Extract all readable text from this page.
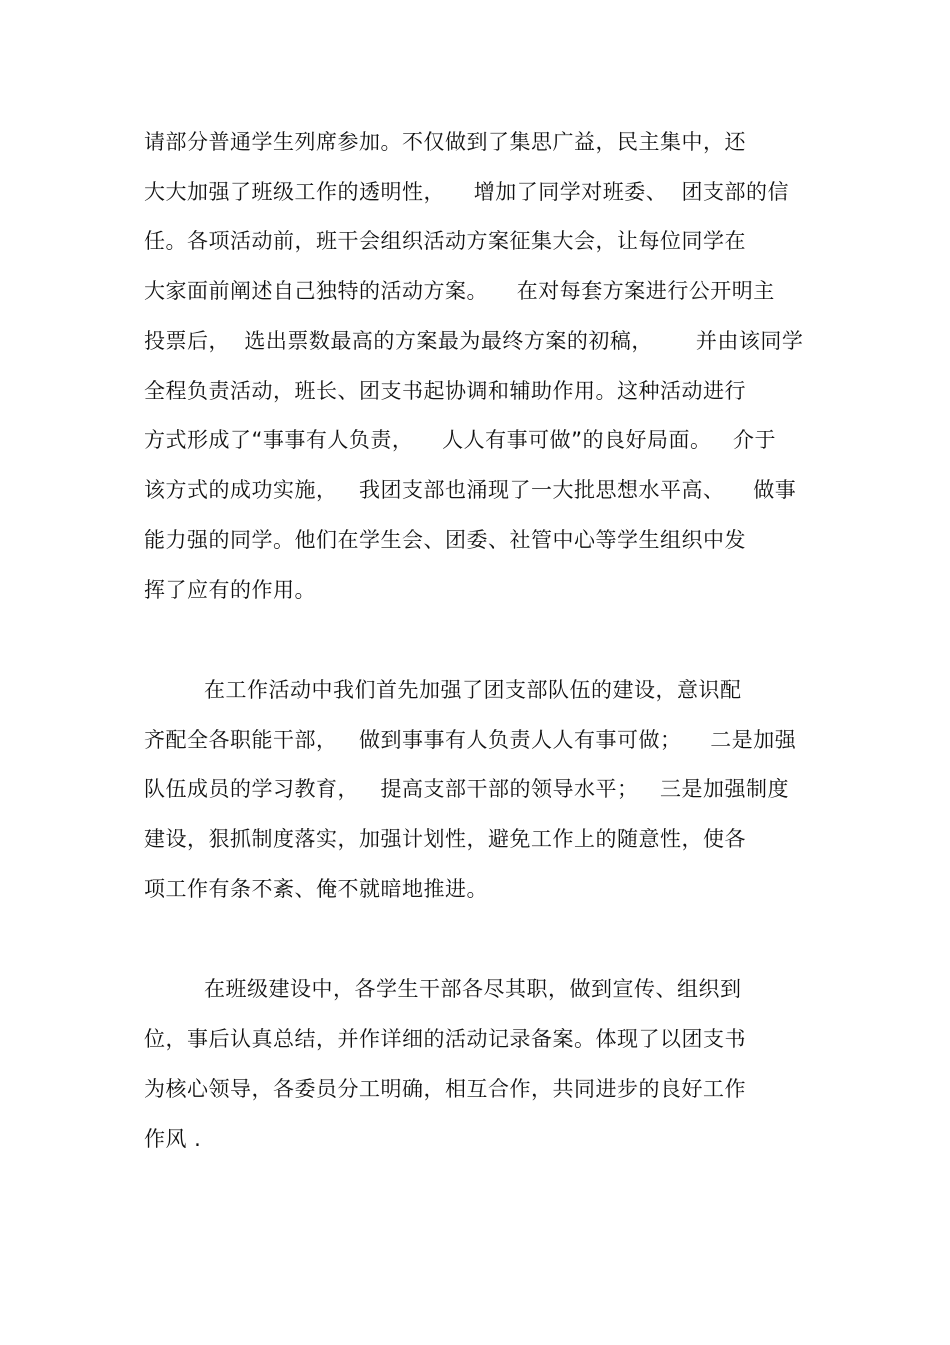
请部分普通学生列席参加。不仅做到了集思广益，民主集中，还
大大加强了班级工作的透明性，    增加了同学对班委、  团支部的信
任。各项活动前，班干会组织活动方案征集大会，让每位同学在
大家面前阐述自己独特的活动方案。    在对每套方案进行公开明主
投票后，  选出票数最高的方案最为最终方案的初稿，      并由该同学
全程负责活动，班长、团支书起协调和辅助作用。这种活动进行
方式形成了“事事有人负责，    人人有事可做”的良好局面。   介于
该方式的成功实施，   我团支部也涌现了一大批思想水平高、    做事
能力强的同学。他们在学生会、团委、社管中心等学生组织中发
挥了应有的作用。
在工作活动中我们首先加强了团支部队伍的建设，意识配
齐配全各职能干部，   做到事事有人负责人人有事可做；    二是加强
队伍成员的学习教育，   提高支部干部的领导水平；   三是加强制度
建设，狠抓制度落实，加强计划性，避免工作上的随意性，使各
项工作有条不紊、俺不就暗地推进。
在班级建设中，各学生干部各尽其职，做到宣传、组织到
位，事后认真总结，并作详细的活动记录备案。体现了以团支书
为核心领导，各委员分工明确，相互合作，共同进步的良好工作
作风 .
